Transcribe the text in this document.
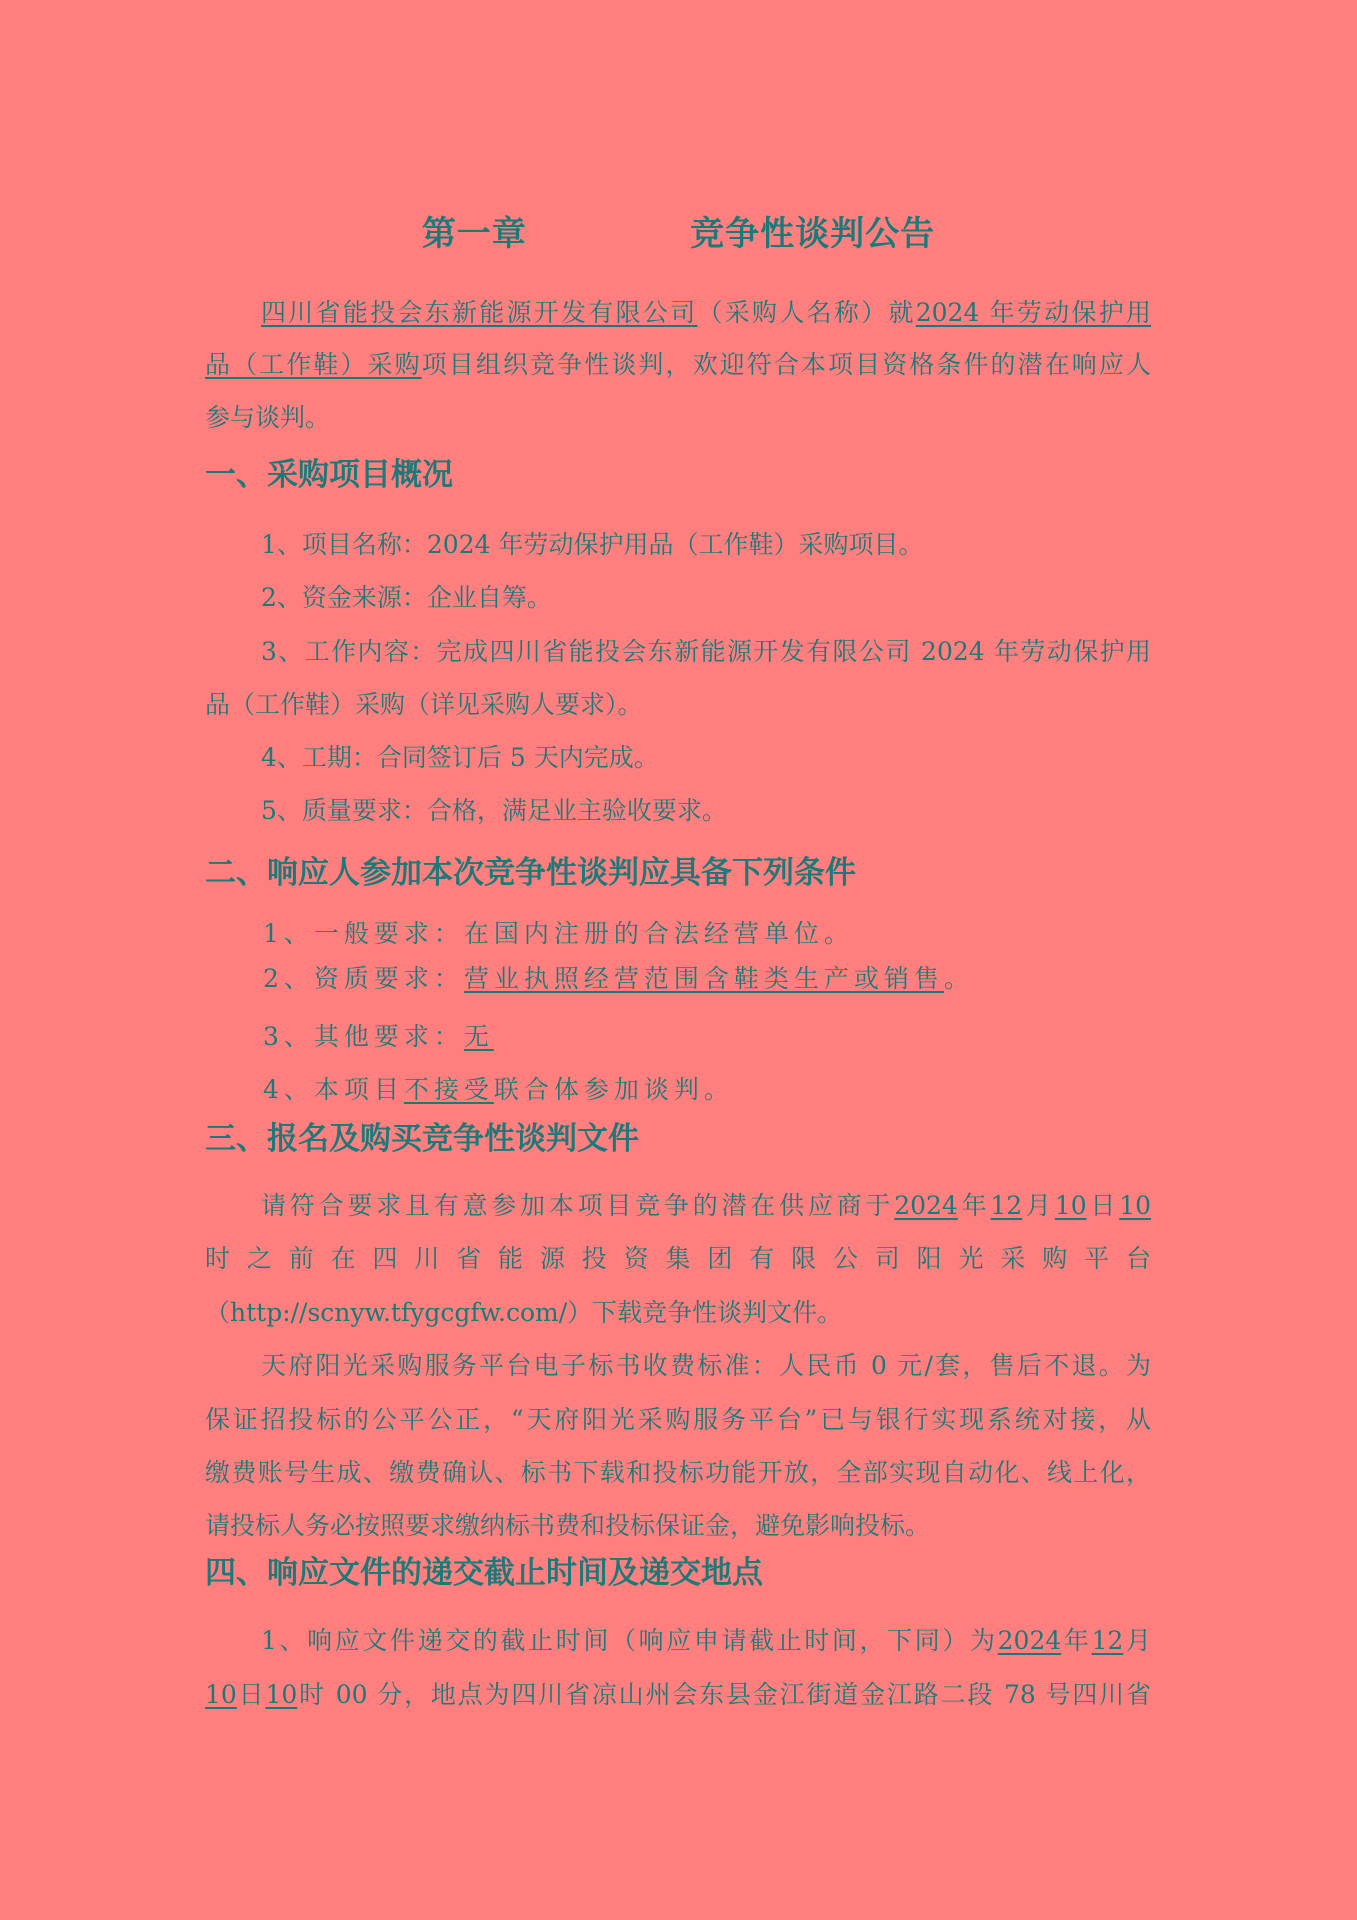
第一章    竞争性谈判公告
四川省能投会东新能源开发有限公司（采购人名称）就2024 年劳动保护用
品（工作鞋）采购项目组织竞争性谈判，欢迎符合本项目资格条件的潜在响应人
参与谈判。
一、采购项目概况
1、项目名称：2024 年劳动保护用品（工作鞋）采购项目。
2、资金来源：企业自筹。
3、工作内容：完成四川省能投会东新能源开发有限公司 2024 年劳动保护用
品（工作鞋）采购（详见采购人要求）。
4、工期：合同签订后 5 天内完成。
5、质量要求：合格，满足业主验收要求。
二、响应人参加本次竞争性谈判应具备下列条件
1、一般要求：在国内注册的合法经营单位。
2、资质要求：营业执照经营范围含鞋类生产或销售。
3、其他要求：无
4、本项目不接受联合体参加谈判。
三、报名及购买竞争性谈判文件
请符合要求且有意参加本项目竞争的潜在供应商于2024年12月10日10
时之前在四川省能源投资集团有限公司阳光采购平台
（http://scnyw.tfygcgfw.com/）下载竞争性谈判文件。
天府阳光采购服务平台电子标书收费标准：人民币 0 元/套，售后不退。为
保证招投标的公平公正，“天府阳光采购服务平台”已与银行实现系统对接，从
缴费账号生成、缴费确认、标书下载和投标功能开放，全部实现自动化、线上化，
请投标人务必按照要求缴纳标书费和投标保证金，避免影响投标。
四、响应文件的递交截止时间及递交地点
1、响应文件递交的截止时间（响应申请截止时间，下同）为2024年12月
10日10时 00 分，地点为四川省凉山州会东县金江街道金江路二段 78 号四川省
